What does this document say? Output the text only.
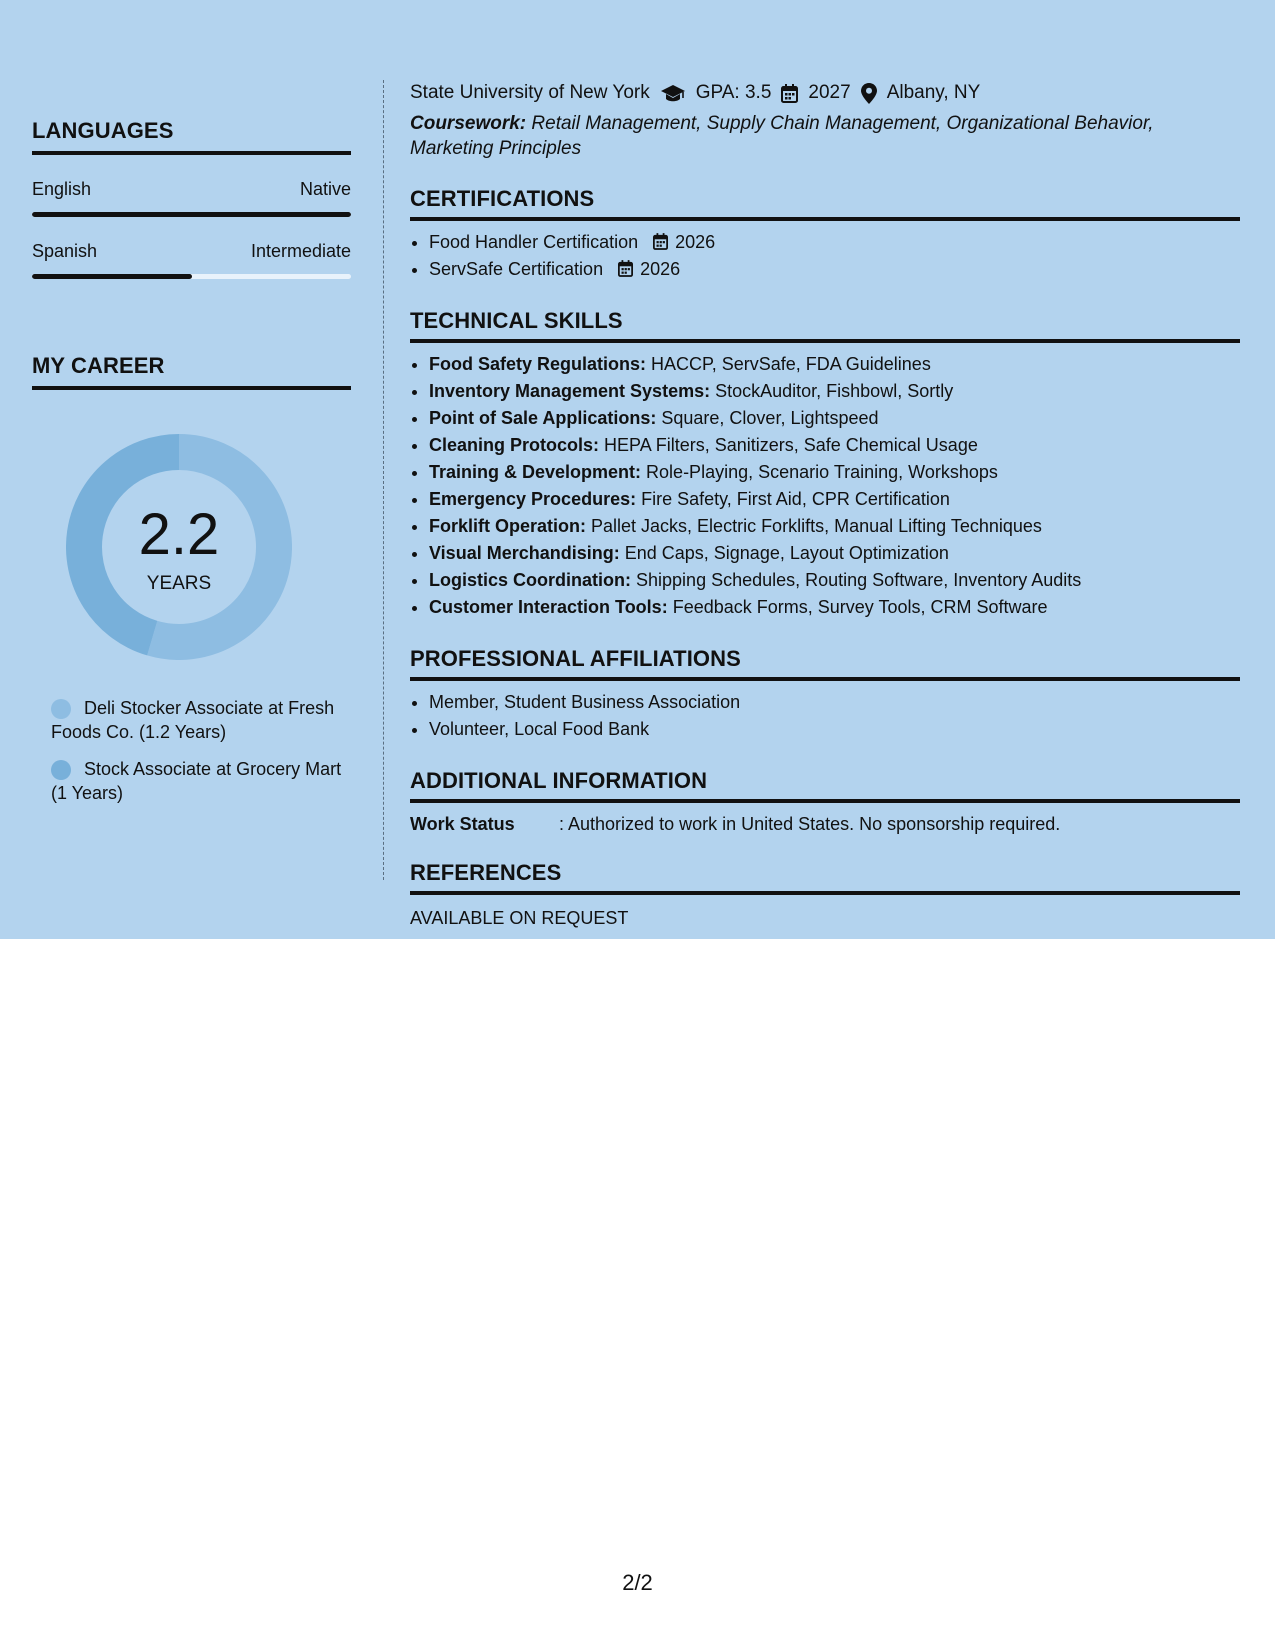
LANGUAGES
English	Native
Spanish	Intermediate
MY CAREER
2.2
YEARS
Deli Stocker Associate at Fresh Foods Co. (1.2 Years)
Stock Associate at Grocery Mart (1 Years)
State University of New York GPA: 3.5 2027 Albany, NY
Coursework: Retail Management, Supply Chain Management, Organizational Behavior, Marketing Principles
CERTIFICATIONS
• Food Handler Certification 2026
• ServSafe Certification 2026
TECHNICAL SKILLS
• Food Safety Regulations: HACCP, ServSafe, FDA Guidelines
• Inventory Management Systems: StockAuditor, Fishbowl, Sortly
• Point of Sale Applications: Square, Clover, Lightspeed
• Cleaning Protocols: HEPA Filters, Sanitizers, Safe Chemical Usage
• Training & Development: Role-Playing, Scenario Training, Workshops
• Emergency Procedures: Fire Safety, First Aid, CPR Certification
• Forklift Operation: Pallet Jacks, Electric Forklifts, Manual Lifting Techniques
• Visual Merchandising: End Caps, Signage, Layout Optimization
• Logistics Coordination: Shipping Schedules, Routing Software, Inventory Audits
• Customer Interaction Tools: Feedback Forms, Survey Tools, CRM Software
PROFESSIONAL AFFILIATIONS
• Member, Student Business Association
• Volunteer, Local Food Bank
ADDITIONAL INFORMATION
Work Status	: Authorized to work in United States. No sponsorship required.
REFERENCES
AVAILABLE ON REQUEST
2/2
